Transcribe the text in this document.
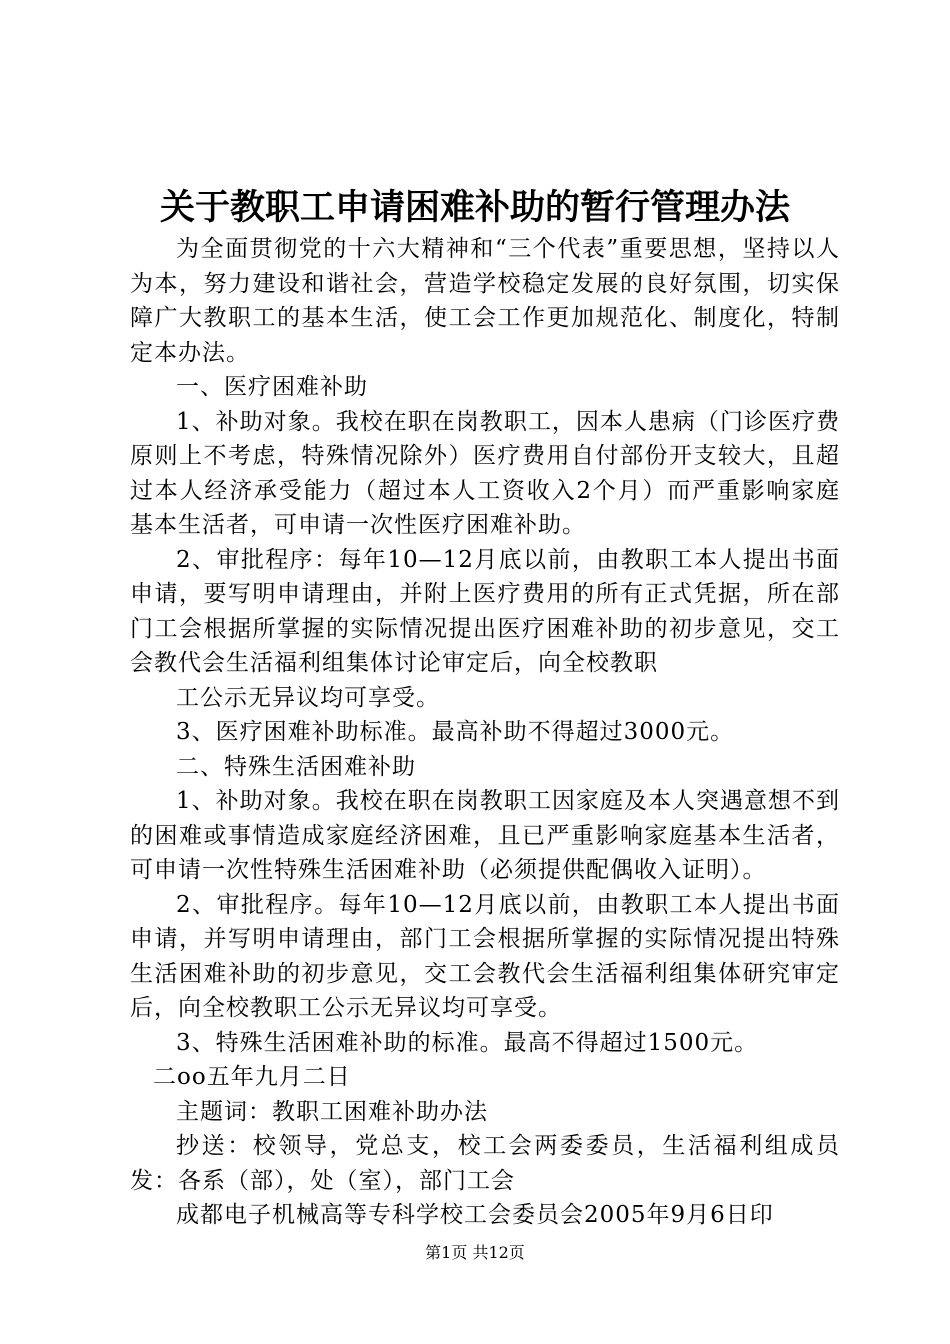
关于教职工申请困难补助的暂行管理办法

为全面贯彻党的十六大精神和“三个代表”重要思想，坚持以人为本，努力建设和谐社会，营造学校稳定发展的良好氛围，切实保障广大教职工的基本生活，使工会工作更加规范化、制度化，特制定本办法。

一、医疗困难补助

1、补助对象。我校在职在岗教职工，因本人患病（门诊医疗费原则上不考虑，特殊情况除外）医疗费用自付部份开支较大，且超过本人经济承受能力（超过本人工资收入2个月）而严重影响家庭基本生活者，可申请一次性医疗困难补助。

2、审批程序：每年10—12月底以前，由教职工本人提出书面申请，要写明申请理由，并附上医疗费用的所有正式凭据，所在部门工会根据所掌握的实际情况提出医疗困难补助的初步意见，交工会教代会生活福利组集体讨论审定后，向全校教职

工公示无异议均可享受。

3、医疗困难补助标准。最高补助不得超过3000元。

二、特殊生活困难补助

1、补助对象。我校在职在岗教职工因家庭及本人突遇意想不到的困难或事情造成家庭经济困难，且已严重影响家庭基本生活者，可申请一次性特殊生活困难补助（必须提供配偶收入证明）。

2、审批程序。每年10—12月底以前，由教职工本人提出书面申请，并写明申请理由，部门工会根据所掌握的实际情况提出特殊生活困难补助的初步意见，交工会教代会生活福利组集体研究审定后，向全校教职工公示无异议均可享受。

3、特殊生活困难补助的标准。最高不得超过1500元。

二oo五年九月二日

主题词：教职工困难补助办法

抄送：校领导，党总支，校工会两委委员，生活福利组成员发：各系（部），处（室），部门工会

成都电子机械高等专科学校工会委员会2005年9月6日印

第1页 共12页
